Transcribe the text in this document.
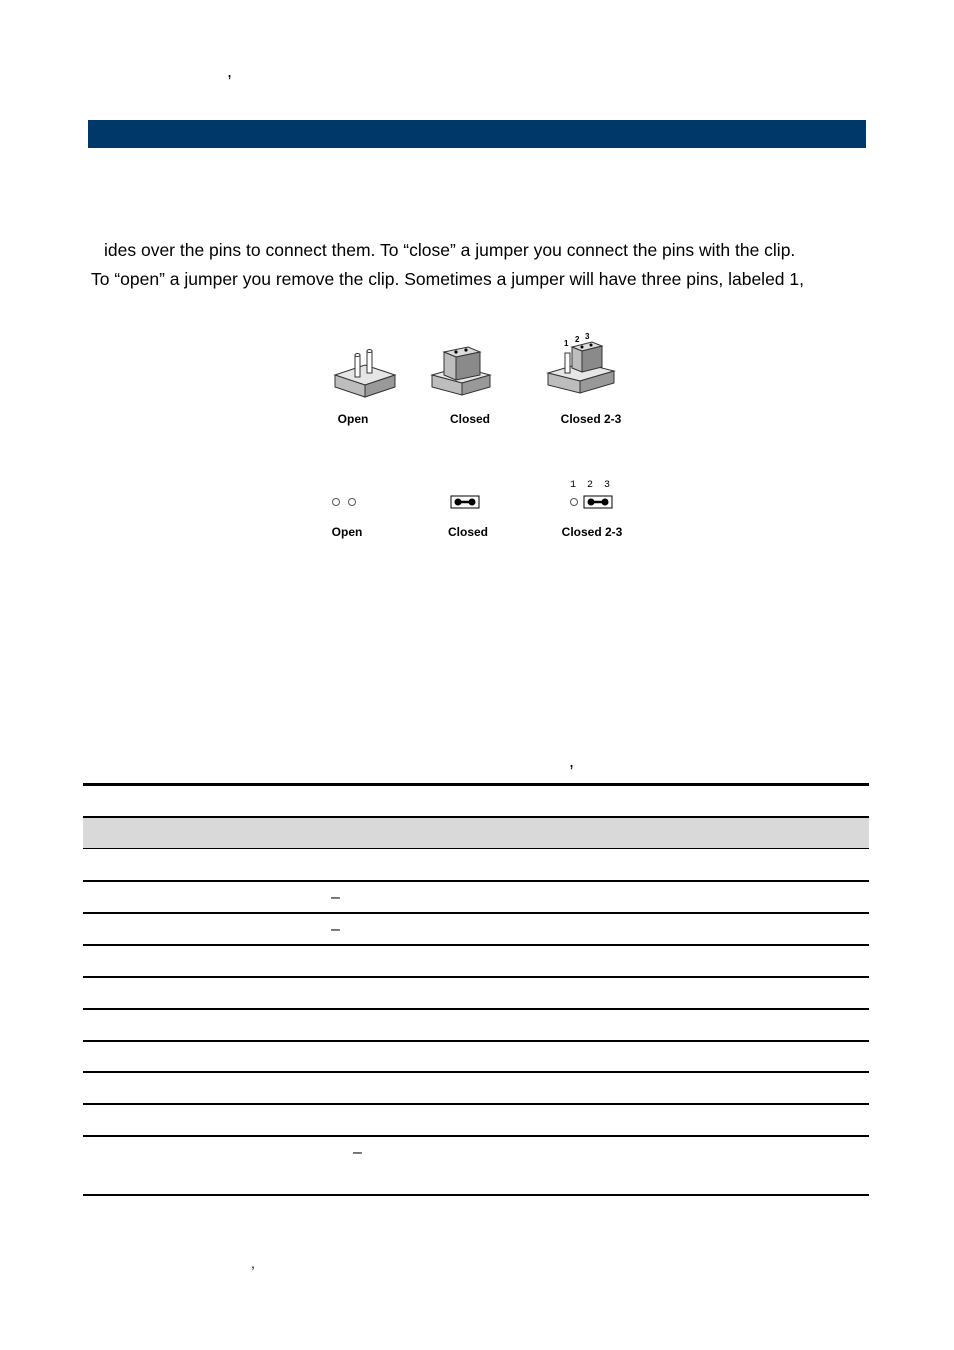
,
ides over the pins to connect them. To “close” a jumper you connect the pins with the clip.
To “open” a jumper you remove the clip. Sometimes a jumper will have three pins, labeled 1,
1 2 3
Open	Closed	Closed 2-3
1 2 3
Open	Closed	Closed 2-3
,
–
–
–
,
